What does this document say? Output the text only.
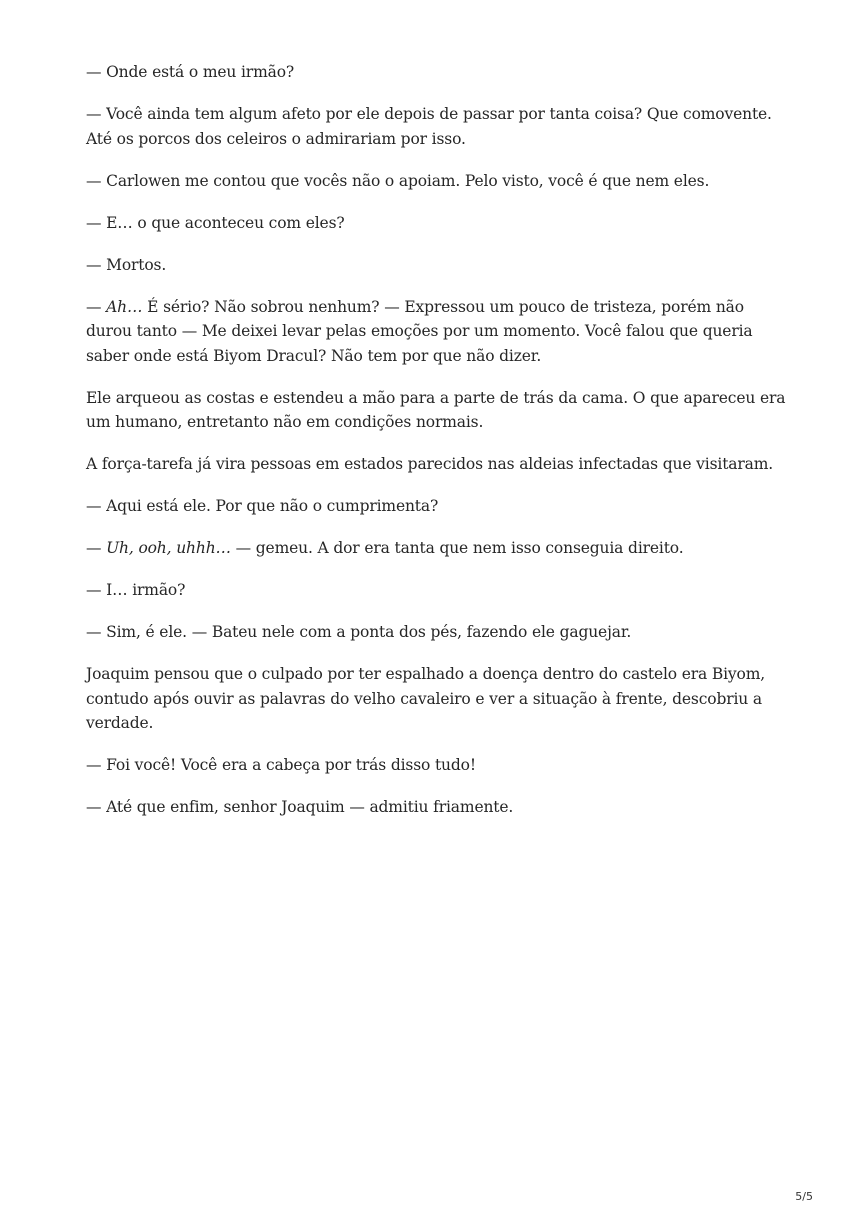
— Onde está o meu irmão?

— Você ainda tem algum afeto por ele depois de passar por tanta coisa? Que comovente. Até os porcos dos celeiros o admirariam por isso.

— Carlowen me contou que vocês não o apoiam. Pelo visto, você é que nem eles.

— E… o que aconteceu com eles?

— Mortos.

— Ah… É sério? Não sobrou nenhum? — Expressou um pouco de tristeza, porém não durou tanto — Me deixei levar pelas emoções por um momento. Você falou que queria saber onde está Biyom Dracul? Não tem por que não dizer.

Ele arqueou as costas e estendeu a mão para a parte de trás da cama. O que apareceu era um humano, entretanto não em condições normais.

A força-tarefa já vira pessoas em estados parecidos nas aldeias infectadas que visitaram.

— Aqui está ele. Por que não o cumprimenta?

— Uh, ooh, uhhh… — gemeu. A dor era tanta que nem isso conseguia direito.

— I… irmão?

— Sim, é ele. — Bateu nele com a ponta dos pés, fazendo ele gaguejar.

Joaquim pensou que o culpado por ter espalhado a doença dentro do castelo era Biyom, contudo após ouvir as palavras do velho cavaleiro e ver a situação à frente, descobriu a verdade.

— Foi você! Você era a cabeça por trás disso tudo!

— Até que enfim, senhor Joaquim — admitiu friamente.

5/5
